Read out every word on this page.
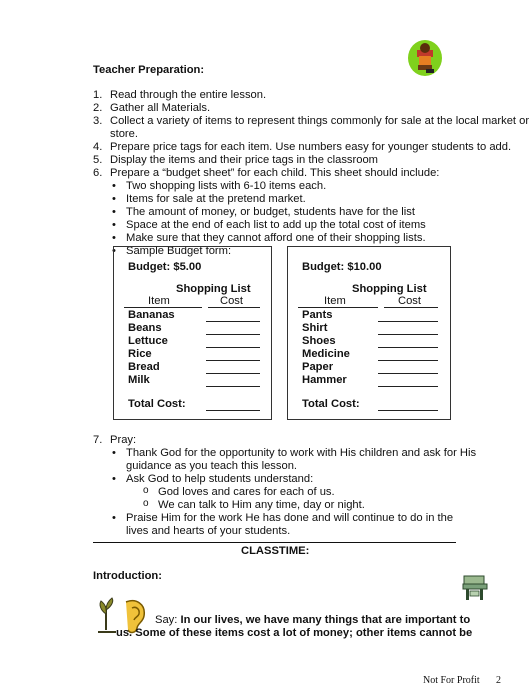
Teacher Preparation:
1. Read through the entire lesson.
2. Gather all Materials.
3. Collect a variety of items to represent things commonly for sale at the local market or
store.
4. Prepare price tags for each item. Use numbers easy for younger students to add.
5. Display the items and their price tags in the classroom
6. Prepare a “budget sheet” for each child. This sheet should include:
• Two shopping lists with 6-10 items each.
• Items for sale at the pretend market.
• The amount of money, or budget, students have for the list
• Space at the end of each list to add up the total cost of items
• Make sure that they cannot afford one of their shopping lists.
• Sample Budget form:
Budget: $5.00
Shopping List
Item	Cost
Bananas
Beans
Lettuce
Rice
Bread
Milk
Total Cost:
Budget: $10.00
Shopping List
Item	Cost
Pants
Shirt
Shoes
Medicine
Paper
Hammer
Total Cost:
7. Pray:
• Thank God for the opportunity to work with His children and ask for His
guidance as you teach this lesson.
• Ask God to help students understand:
o God loves and cares for each of us.
o We can talk to Him any time, day or night.
• Praise Him for the work He has done and will continue to do in the
lives and hearts of your students.
CLASSTIME:
Introduction:
Say: In our lives, we have many things that are important to
us. Some of these items cost a lot of money; other items cannot be
Not For Profit 2
